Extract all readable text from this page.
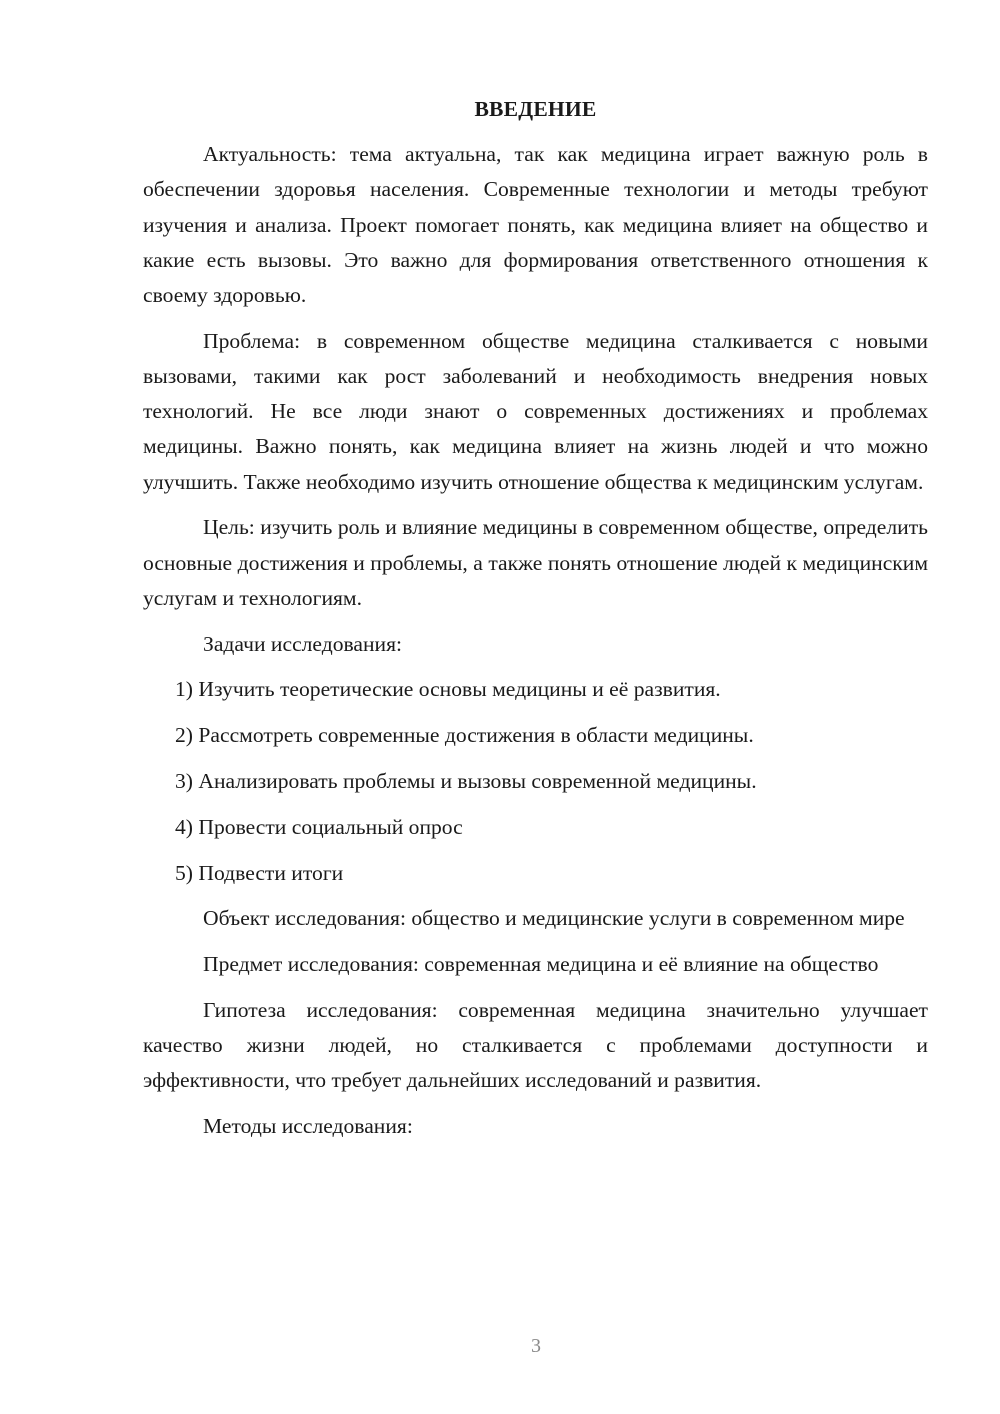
ВВЕДЕНИЕ

Актуальность: тема актуальна, так как медицина играет важную роль в обеспечении здоровья населения. Современные технологии и методы требуют изучения и анализа. Проект помогает понять, как медицина влияет на общество и какие есть вызовы. Это важно для формирования ответственного отношения к своему здоровью.

Проблема: в современном обществе медицина сталкивается с новыми вызовами, такими как рост заболеваний и необходимость внедрения новых технологий. Не все люди знают о современных достижениях и проблемах медицины. Важно понять, как медицина влияет на жизнь людей и что можно улучшить. Также необходимо изучить отношение общества к медицинским услугам.

Цель: изучить роль и влияние медицины в современном обществе, определить основные достижения и проблемы, а также понять отношение людей к медицинским услугам и технологиям.

Задачи исследования:

1) Изучить теоретические основы медицины и её развития.
2) Рассмотреть современные достижения в области медицины.
3) Анализировать проблемы и вызовы современной медицины.
4) Провести социальный опрос
5) Подвести итоги

Объект исследования: общество и медицинские услуги в современном мире

Предмет исследования: современная медицина и её влияние на общество

Гипотеза исследования: современная медицина значительно улучшает качество жизни людей, но сталкивается с проблемами доступности и эффективности, что требует дальнейших исследований и развития.

Методы исследования:

3
